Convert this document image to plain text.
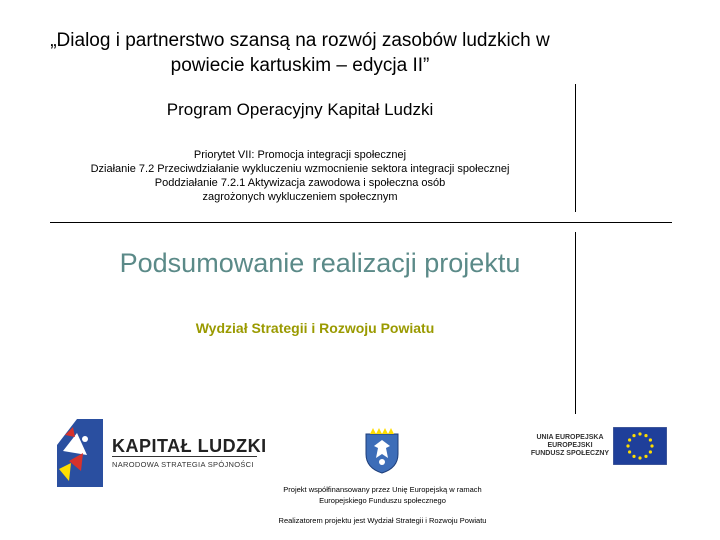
„Dialog i partnerstwo szansą na rozwój zasobów ludzkich w
powiecie kartuskim – edycja II”
Program Operacyjny Kapitał Ludzki
Priorytet VII: Promocja integracji społecznej
Działanie 7.2 Przeciwdziałanie wykluczeniu wzmocnienie sektora integracji społecznej
Poddziałanie 7.2.1 Aktywizacja zawodowa i społeczna osób
zagrożonych wykluczeniem społecznym
Podsumowanie realizacji projektu
Wydział Strategii i Rozwoju Powiatu
KAPITAŁ LUDZKI
NARODOWA STRATEGIA SPÓJNOŚCI
UNIA EUROPEJSKA
EUROPEJSKI
FUNDUSZ SPOŁECZNY
Projekt współfinansowany przez Unię Europejską w ramach
Europejskiego Funduszu społecznego
Realizatorem projektu jest Wydział Strategii i Rozwoju Powiatu
